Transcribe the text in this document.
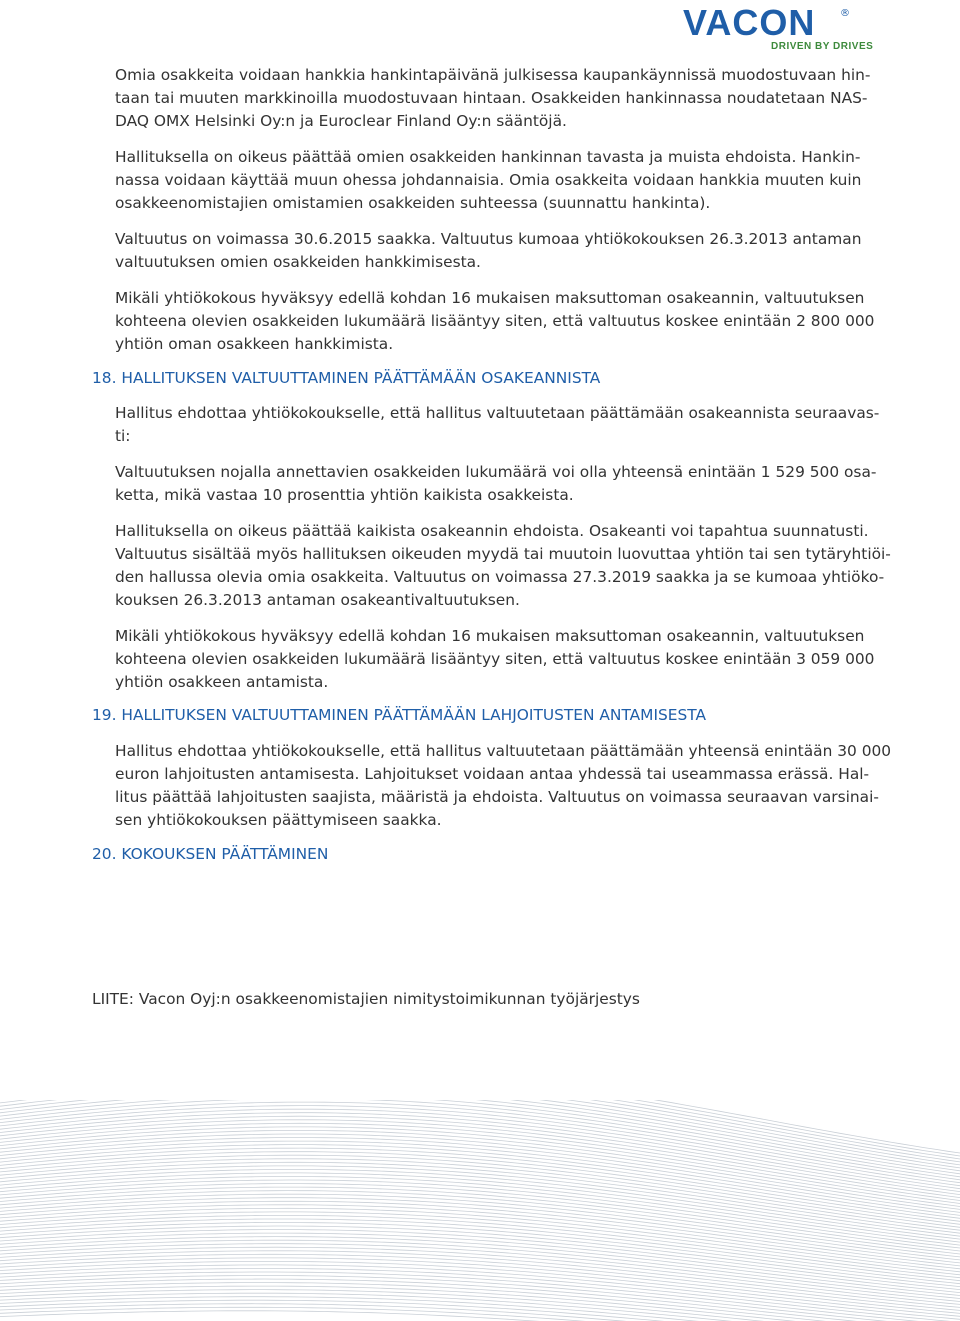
VACON ®
DRIVEN BY DRIVES

Omia osakkeita voidaan hankkia hankintapäivänä julkisessa kaupankäynnissä muodostuvaan hin-
taan tai muuten markkinoilla muodostuvaan hintaan. Osakkeiden hankinnassa noudatetaan NAS-
DAQ OMX Helsinki Oy:n ja Euroclear Finland Oy:n sääntöjä.

Hallituksella on oikeus päättää omien osakkeiden hankinnan tavasta ja muista ehdoista. Hankin-
nassa voidaan käyttää muun ohessa johdannaisia. Omia osakkeita voidaan hankkia muuten kuin
osakkeenomistajien omistamien osakkeiden suhteessa (suunnattu hankinta).

Valtuutus on voimassa 30.6.2015 saakka. Valtuutus kumoaa yhtiökokouksen 26.3.2013 antaman
valtuutuksen omien osakkeiden hankkimisesta.

Mikäli yhtiökokous hyväksyy edellä kohdan 16 mukaisen maksuttoman osakeannin, valtuutuksen
kohteena olevien osakkeiden lukumäärä lisääntyy siten, että valtuutus koskee enintään 2 800 000
yhtiön oman osakkeen hankkimista.

18. HALLITUKSEN VALTUUTTAMINEN PÄÄTTÄMÄÄN OSAKEANNISTA

Hallitus ehdottaa yhtiökokoukselle, että hallitus valtuutetaan päättämään osakeannista seuraavas-
ti:

Valtuutuksen nojalla annettavien osakkeiden lukumäärä voi olla yhteensä enintään 1 529 500 osa-
ketta, mikä vastaa 10 prosenttia yhtiön kaikista osakkeista.

Hallituksella on oikeus päättää kaikista osakeannin ehdoista. Osakeanti voi tapahtua suunnatusti.
Valtuutus sisältää myös hallituksen oikeuden myydä tai muutoin luovuttaa yhtiön tai sen tytäryhtiöi-
den hallussa olevia omia osakkeita. Valtuutus on voimassa 27.3.2019 saakka ja se kumoaa yhtiöko-
kouksen 26.3.2013 antaman osakeantivaltuutuksen.

Mikäli yhtiökokous hyväksyy edellä kohdan 16 mukaisen maksuttoman osakeannin, valtuutuksen
kohteena olevien osakkeiden lukumäärä lisääntyy siten, että valtuutus koskee enintään 3 059 000
yhtiön osakkeen antamista.

19. HALLITUKSEN VALTUUTTAMINEN PÄÄTTÄMÄÄN LAHJOITUSTEN ANTAMISESTA

Hallitus ehdottaa yhtiökokoukselle, että hallitus valtuutetaan päättämään yhteensä enintään 30 000
euron lahjoitusten antamisesta. Lahjoitukset voidaan antaa yhdessä tai useammassa erässä. Hal-
litus päättää lahjoitusten saajista, määristä ja ehdoista. Valtuutus on voimassa seuraavan varsinai-
sen yhtiökokouksen päättymiseen saakka.

20. KOKOUKSEN PÄÄTTÄMINEN

LIITE: Vacon Oyj:n osakkeenomistajien nimitystoimikunnan työjärjestys
